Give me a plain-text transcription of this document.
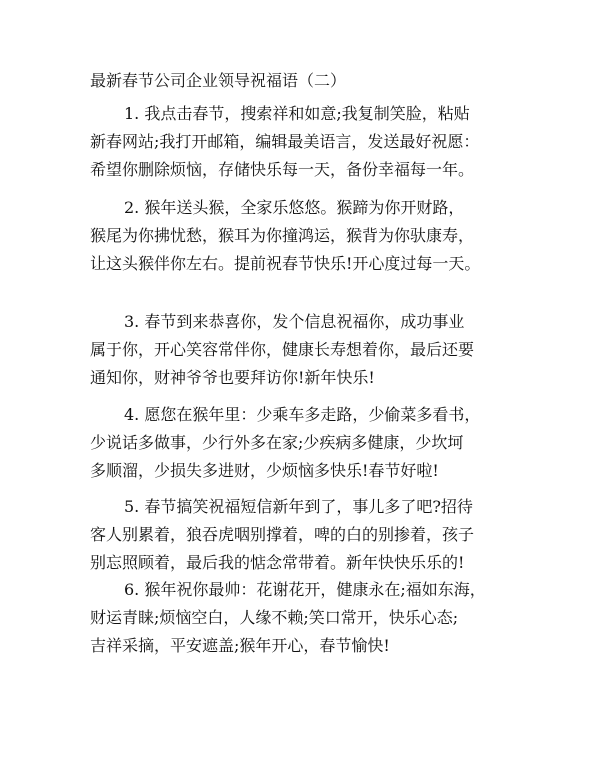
最新春节公司企业领导祝福语（二）
1. 我点击春节，搜索祥和如意;我复制笑脸，粘贴
新春网站;我打开邮箱，编辑最美语言，发送最好祝愿：
希望你删除烦恼，存储快乐每一天，备份幸福每一年。
2. 猴年送头猴，全家乐悠悠。猴蹄为你开财路，
猴尾为你拂忧愁，猴耳为你撞鸿运，猴背为你驮康寿，
让这头猴伴你左右。提前祝春节快乐!开心度过每一天。
3. 春节到来恭喜你，发个信息祝福你，成功事业
属于你，开心笑容常伴你，健康长寿想着你，最后还要
通知你，财神爷爷也要拜访你!新年快乐!
4. 愿您在猴年里：少乘车多走路，少偷菜多看书，
少说话多做事，少行外多在家;少疾病多健康，少坎坷
多顺溜，少损失多进财，少烦恼多快乐!春节好啦!
5. 春节搞笑祝福短信新年到了，事儿多了吧?招待
客人别累着，狼吞虎咽别撑着，啤的白的别掺着，孩子
别忘照顾着，最后我的惦念常带着。新年快快乐乐的!
6. 猴年祝你最帅：花谢花开，健康永在;福如东海，
财运青睐;烦恼空白，人缘不赖;笑口常开，快乐心态;
吉祥采摘，平安遮盖;猴年开心，春节愉快!
